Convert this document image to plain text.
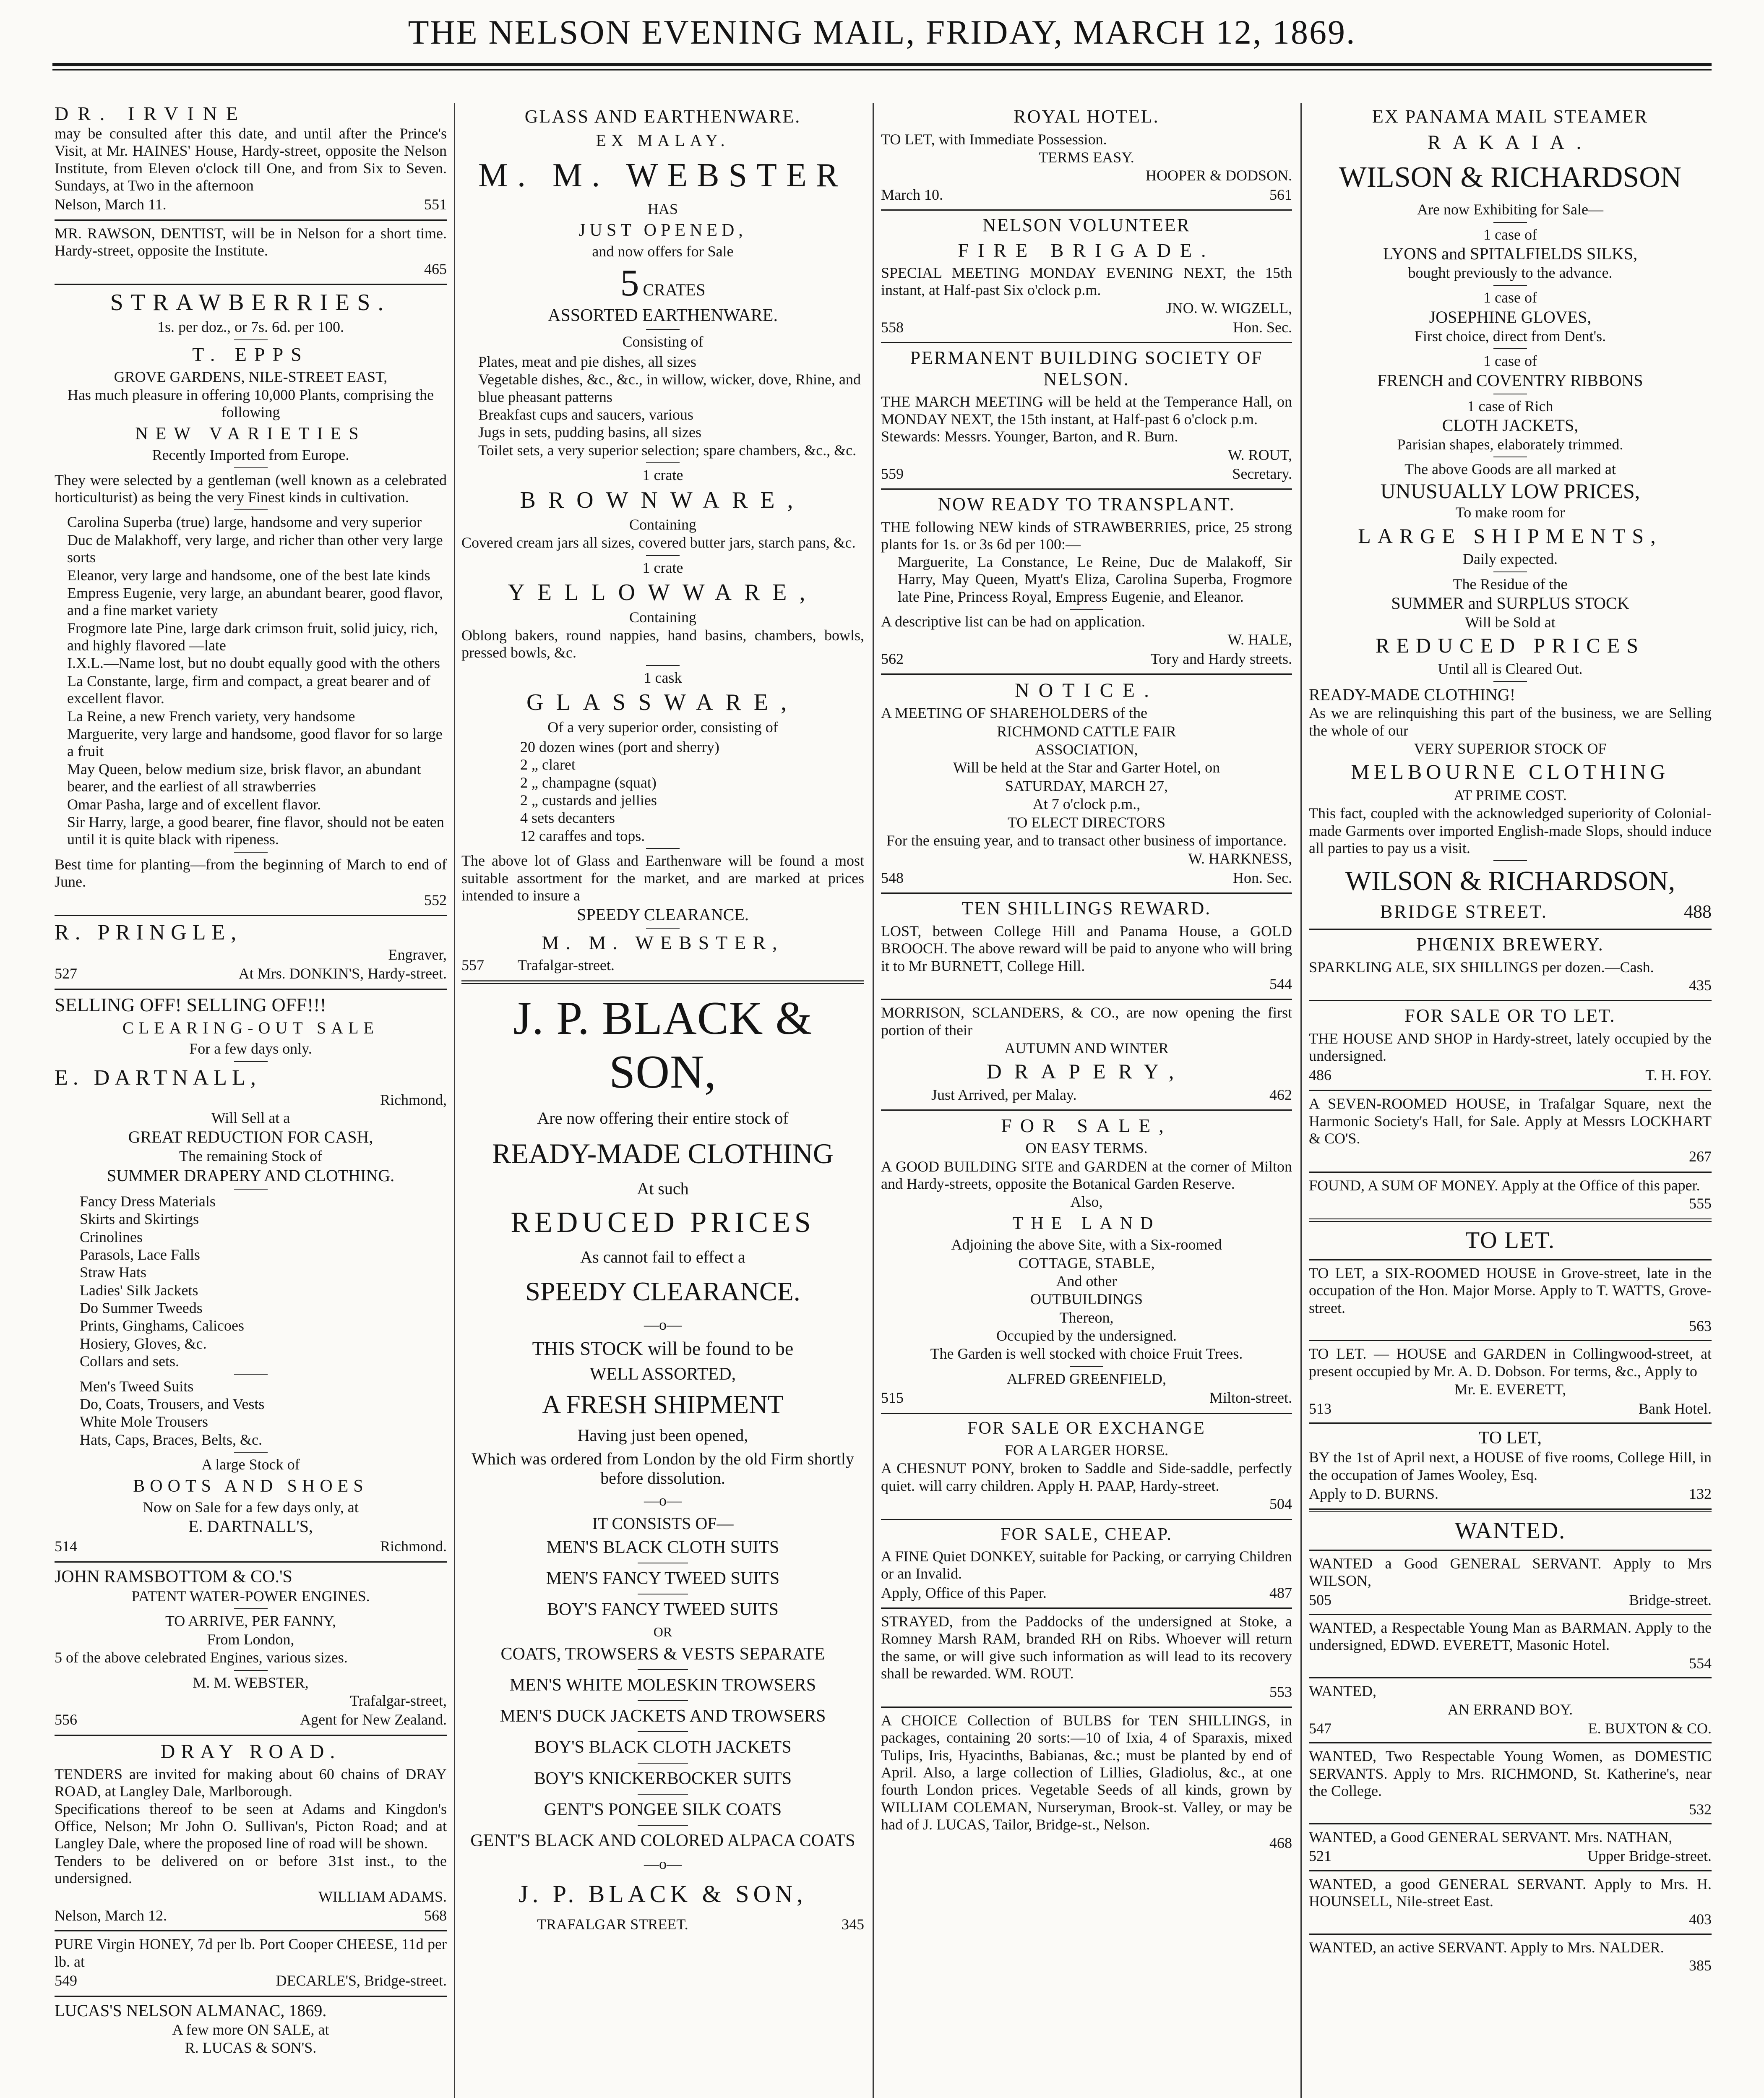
THE NELSON EVENING MAIL, FRIDAY, MARCH 12, 1869.
DR. IRVINE

may be consulted after this date, and until after the Prince's Visit, at Mr. HAINES' House, Hardy-street, opposite the Nelson Institute, from Eleven o'clock till One, and from Six to Seven. Sundays, at Two in the afternoon

Nelson, March 11.	551

MR. RAWSON, DENTIST, will be in Nelson for a short time. Hardy-street, opposite the Institute.

465
STRAWBERRIES.
1s. per doz., or 7s. 6d. per 100.
T. EPPS
GROVE GARDENS, NILE-STREET EAST,
Has much pleasure in offering 10,000 Plants, comprising the following
NEW VARIETIES
Recently Imported from Europe.

They were selected by a gentleman (well known as a celebrated horticulturist) as being the very Finest kinds in cultivation.

Carolina Superba (true) large, handsome and very superior
Duc de Malakhoff, very large, and richer than other very large sorts
Eleanor, very large and handsome, one of the best late kinds
Empress Eugenie, very large, an abundant bearer, good flavor, and a fine market variety
Frogmore late Pine, large dark crimson fruit, solid juicy, rich, and highly flavored —late
I.X.L.—Name lost, but no doubt equally good with the others
La Constante, large, firm and compact, a great bearer and of excellent flavor.
La Reine, a new French variety, very handsome
Marguerite, very large and handsome, good flavor for so large a fruit
May Queen, below medium size, brisk flavor, an abundant bearer, and the earliest of all strawberries
Omar Pasha, large and of excellent flavor.
Sir Harry, large, a good bearer, fine flavor, should not be eaten until it is quite black with ripeness.

Best time for planting—from the beginning of March to end of June.

552
R. PRINGLE,
Engraver,
527	At Mrs. DONKIN'S, Hardy-street.
SELLING OFF! SELLING OFF!!!
CLEARING-OUT SALE
For a few days only.
E. DARTNALL,
Richmond,
Will Sell at a
GREAT REDUCTION FOR CASH,
The remaining Stock of
SUMMER DRAPERY AND CLOTHING.
Fancy Dress Materials
Skirts and Skirtings
Crinolines
Parasols, Lace Falls
Straw Hats
Ladies' Silk Jackets
Do Summer Tweeds
Prints, Ginghams, Calicoes
Hosiery, Gloves, &c.
Collars and sets.
Men's Tweed Suits
Do, Coats, Trousers, and Vests
White Mole Trousers
Hats, Caps, Braces, Belts, &c.
A large Stock of
BOOTS AND SHOES
Now on Sale for a few days only, at
E. DARTNALL'S,
514	Richmond.
JOHN RAMSBOTTOM & CO.'S
PATENT WATER-POWER ENGINES.
TO ARRIVE, PER FANNY,
From London,

5 of the above celebrated Engines, various sizes.

M. M. WEBSTER,
Trafalgar-street,
556	Agent for New Zealand.
DRAY ROAD.

TENDERS are invited for making about 60 chains of DRAY ROAD, at Langley Dale, Marlborough.

Specifications thereof to be seen at Adams and Kingdon's Office, Nelson; Mr John O. Sullivan's, Picton Road; and at Langley Dale, where the proposed line of road will be shown.

Tenders to be delivered on or before 31st inst., to the undersigned.

WILLIAM ADAMS.
Nelson, March 12.	568

PURE Virgin HONEY, 7d per lb. Port Cooper CHEESE, 11d per lb. at

549	DECARLE'S, Bridge-street.
LUCAS'S NELSON ALMANAC, 1869.
A few more ON SALE, at
R. LUCAS & SON'S.
GLASS AND EARTHENWARE.
EX MALAY.
M. M. WEBSTER
HAS
JUST OPENED,
and now offers for Sale
5 CRATES
ASSORTED EARTHENWARE.
Consisting of
Plates, meat and pie dishes, all sizes
Vegetable dishes, &c., &c., in willow, wicker, dove, Rhine, and blue pheasant patterns
Breakfast cups and saucers, various
Jugs in sets, pudding basins, all sizes
Toilet sets, a very superior selection; spare chambers, &c., &c.
1 crate
BROWNWARE,
Containing

Covered cream jars all sizes, covered butter jars, starch pans, &c.

1 crate
YELLOWWARE,
Containing

Oblong bakers, round nappies, hand basins, chambers, bowls, pressed bowls, &c.

1 cask
GLASSWARE,
Of a very superior order, consisting of
20 dozen wines (port and sherry)
2 „ claret
2 „ champagne (squat)
2 „ custards and jellies
4 sets decanters
12 caraffes and tops.

The above lot of Glass and Earthenware will be found a most suitable assortment for the market, and are marked at prices intended to insure a

SPEEDY CLEARANCE.
M. M. WEBSTER,
557 Trafalgar-street.
J. P. BLACK & SON,
Are now offering their entire stock of
READY-MADE CLOTHING
At such
REDUCED PRICES
As cannot fail to effect a
SPEEDY CLEARANCE.
—o—
THIS STOCK will be found to be
WELL ASSORTED,
A FRESH SHIPMENT
Having just been opened,
Which was ordered from London by the old Firm shortly before dissolution.
—o—
IT CONSISTS OF—
MEN'S BLACK CLOTH SUITS
MEN'S FANCY TWEED SUITS
BOY'S FANCY TWEED SUITS
OR
COATS, TROWSERS & VESTS SEPARATE
MEN'S WHITE MOLESKIN TROWSERS
MEN'S DUCK JACKETS AND TROWSERS
BOY'S BLACK CLOTH JACKETS
BOY'S KNICKERBOCKER SUITS
GENT'S PONGEE SILK COATS
GENT'S BLACK AND COLORED ALPACA COATS
—o—
J. P. BLACK & SON,
TRAFALGAR STREET.	345
ROYAL HOTEL.

TO LET, with Immediate Possession.

TERMS EASY.
HOOPER & DODSON.
March 10.	561
NELSON VOLUNTEER
FIRE BRIGADE.

SPECIAL MEETING MONDAY EVENING NEXT, the 15th instant, at Half-past Six o'clock p.m.

JNO. W. WIGZELL,
558	Hon. Sec.
PERMANENT BUILDING SOCIETY OF NELSON.

THE MARCH MEETING will be held at the Temperance Hall, on MONDAY NEXT, the 15th instant, at Half-past 6 o'clock p.m.

Stewards: Messrs. Younger, Barton, and R. Burn.

W. ROUT,
559	Secretary.
NOW READY TO TRANSPLANT.

THE following NEW kinds of STRAWBERRIES, price, 25 strong plants for 1s. or 3s 6d per 100:—

Marguerite, La Constance, Le Reine, Duc de Malakoff, Sir Harry, May Queen, Myatt's Eliza, Carolina Superba, Frogmore late Pine, Princess Royal, Empress Eugenie, and Eleanor.

A descriptive list can be had on application.

W. HALE,
562	Tory and Hardy streets.
NOTICE.

A MEETING OF SHAREHOLDERS of the

RICHMOND CATTLE FAIR
ASSOCIATION,
Will be held at the Star and Garter Hotel, on
SATURDAY, MARCH 27,
At 7 o'clock p.m.,
TO ELECT DIRECTORS
For the ensuing year, and to transact other business of importance.
W. HARKNESS,
548	Hon. Sec.
TEN SHILLINGS REWARD.

LOST, between College Hill and Panama House, a GOLD BROOCH. The above reward will be paid to anyone who will bring it to Mr BURNETT, College Hill.

544

MORRISON, SCLANDERS, & CO., are now opening the first portion of their

AUTUMN AND WINTER
DRAPERY,
Just Arrived, per Malay.	462
FOR SALE,
ON EASY TERMS.

A GOOD BUILDING SITE and GARDEN at the corner of Milton and Hardy-streets, opposite the Botanical Garden Reserve.

Also,
THE LAND
Adjoining the above Site, with a Six-roomed
COTTAGE, STABLE,
And other
OUTBUILDINGS
Thereon,
Occupied by the undersigned.
The Garden is well stocked with choice Fruit Trees.
ALFRED GREENFIELD,
515	Milton-street.
FOR SALE OR EXCHANGE
FOR A LARGER HORSE.

A CHESNUT PONY, broken to Saddle and Side-saddle, perfectly quiet. will carry children. Apply H. PAAP, Hardy-street.

504
FOR SALE, CHEAP.

A FINE Quiet DONKEY, suitable for Packing, or carrying Children or an Invalid.

Apply, Office of this Paper.	487

STRAYED, from the Paddocks of the undersigned at Stoke, a Romney Marsh RAM, branded RH on Ribs. Whoever will return the same, or will give such information as will lead to its recovery shall be rewarded. WM. ROUT.

553

A CHOICE Collection of BULBS for TEN SHILLINGS, in packages, containing 20 sorts:—10 of Ixia, 4 of Sparaxis, mixed Tulips, Iris, Hyacinths, Babianas, &c.; must be planted by end of April. Also, a large collection of Lillies, Gladiolus, &c., at one fourth London prices. Vegetable Seeds of all kinds, grown by WILLIAM COLEMAN, Nurseryman, Brook-st. Valley, or may be had of J. LUCAS, Tailor, Bridge-st., Nelson.

468
EX PANAMA MAIL STEAMER
RAKAIA.
WILSON & RICHARDSON
Are now Exhibiting for Sale—
1 case of
LYONS and SPITALFIELDS SILKS,
bought previously to the advance.
1 case of
JOSEPHINE GLOVES,
First choice, direct from Dent's.
1 case of
FRENCH and COVENTRY RIBBONS
1 case of Rich
CLOTH JACKETS,
Parisian shapes, elaborately trimmed.
The above Goods are all marked at
UNUSUALLY LOW PRICES,
To make room for
LARGE SHIPMENTS,
Daily expected.
The Residue of the
SUMMER and SURPLUS STOCK
Will be Sold at
REDUCED PRICES
Until all is Cleared Out.
READY-MADE CLOTHING!

As we are relinquishing this part of the business, we are Selling the whole of our

VERY SUPERIOR STOCK OF
MELBOURNE CLOTHING
AT PRIME COST.

This fact, coupled with the acknowledged superiority of Colonial-made Garments over imported English-made Slops, should induce all parties to pay us a visit.

WILSON & RICHARDSON,
BRIDGE STREET.	488
PHŒNIX BREWERY.

SPARKLING ALE, SIX SHILLINGS per dozen.—Cash.

435
FOR SALE OR TO LET.

THE HOUSE AND SHOP in Hardy-street, lately occupied by the undersigned.

486	T. H. FOY.

A SEVEN-ROOMED HOUSE, in Trafalgar Square, next the Harmonic Society's Hall, for Sale. Apply at Messrs LOCKHART & CO'S.

267

FOUND, A SUM OF MONEY. Apply at the Office of this paper.

555
TO LET.

TO LET, a SIX-ROOMED HOUSE in Grove-street, late in the occupation of the Hon. Major Morse. Apply to T. WATTS, Grove-street.

563

TO LET. — HOUSE and GARDEN in Collingwood-street, at present occupied by Mr. A. D. Dobson. For terms, &c., Apply to

Mr. E. EVERETT,
513	Bank Hotel.
TO LET,

BY the 1st of April next, a HOUSE of five rooms, College Hill, in the occupation of James Wooley, Esq.

Apply to D. BURNS.	132
WANTED.

WANTED a Good GENERAL SERVANT. Apply to Mrs WILSON,

505	Bridge-street.

WANTED, a Respectable Young Man as BARMAN. Apply to the undersigned, EDWD. EVERETT, Masonic Hotel.

554

WANTED,

AN ERRAND BOY.
547	E. BUXTON & CO.

WANTED, Two Respectable Young Women, as DOMESTIC SERVANTS. Apply to Mrs. RICHMOND, St. Katherine's, near the College.

532

WANTED, a Good GENERAL SERVANT. Mrs. NATHAN,

521	Upper Bridge-street.

WANTED, a good GENERAL SERVANT. Apply to Mrs. H. HOUNSELL, Nile-street East.

403

WANTED, an active SERVANT. Apply to Mrs. NALDER.

385
